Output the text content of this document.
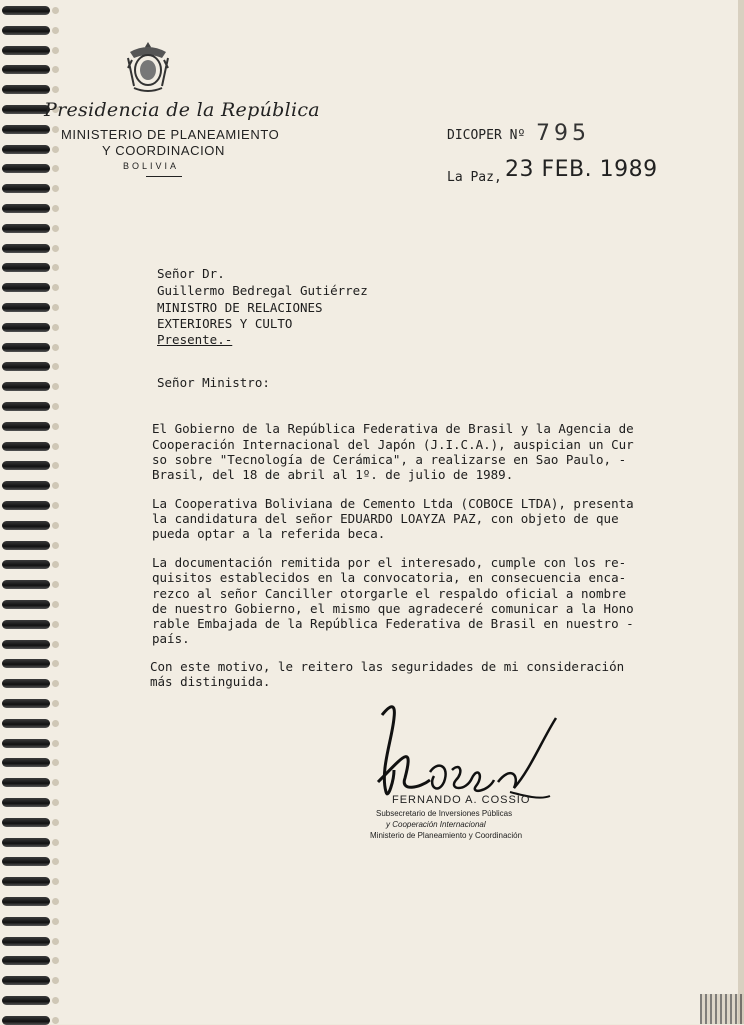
Presidencia de la República
MINISTERIO DE PLANEAMIENTO
Y COORDINACION
BOLIVIA
DICOPER Nº 795
La Paz, 23 FEB. 1989
Señor Dr.
Guillermo Bedregal Gutiérrez
MINISTRO DE RELACIONES
EXTERIORES Y CULTO
Presente.-
Señor Ministro:
El Gobierno de la República Federativa de Brasil y la Agencia de
Cooperación Internacional del Japón (J.I.C.A.), auspician un Cur
so sobre "Tecnología de Cerámica", a realizarse en Sao Paulo, -
Brasil, del 18 de abril al 1º. de julio de 1989.
La Cooperativa Boliviana de Cemento Ltda (COBOCE LTDA), presenta
la candidatura del señor EDUARDO LOAYZA PAZ, con objeto de que
pueda optar a la referida beca.
La documentación remitida por el interesado, cumple con los re-
quisitos establecidos en la convocatoria, en consecuencia enca-
rezco al señor Canciller otorgarle el respaldo oficial a nombre
de nuestro Gobierno, el mismo que agradeceré comunicar a la Hono
rable Embajada de la República Federativa de Brasil en nuestro -
país.
Con este motivo, le reitero las seguridades de mi consideración
más distinguida.
FERNANDO A. COSSIO
Subsecretario de Inversiones Públicas
y Cooperación Internacional
Ministerio de Planeamiento y Coordinación
